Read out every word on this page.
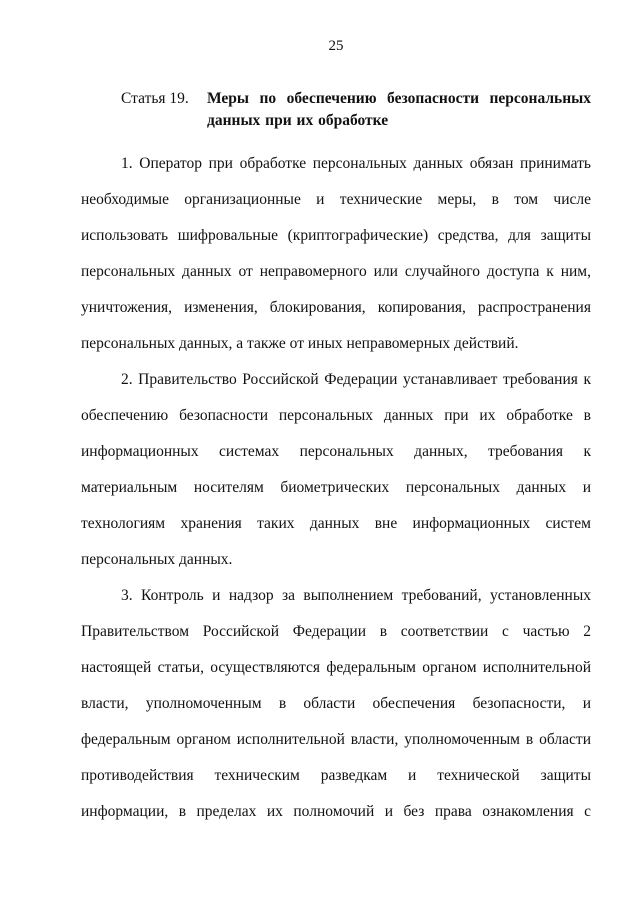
25
Статья 19. Меры по обеспечению безопасности персональных данных при их обработке

1. Оператор при обработке персональных данных обязан принимать необходимые организационные и технические меры, в том числе использовать шифровальные (криптографические) средства, для защиты персональных данных от неправомерного или случайного доступа к ним, уничтожения, изменения, блокирования, копирования, распространения персональных данных, а также от иных неправомерных действий.

2. Правительство Российской Федерации устанавливает требования к обеспечению безопасности персональных данных при их обработке в информационных системах персональных данных, требования к материальным носителям биометрических персональных данных и технологиям хранения таких данных вне информационных систем персональных данных.

3. Контроль и надзор за выполнением требований, установленных Правительством Российской Федерации в соответствии с частью 2 настоящей статьи, осуществляются федеральным органом исполнительной власти, уполномоченным в области обеспечения безопасности, и федеральным органом исполнительной власти, уполномоченным в области противодействия техническим разведкам и технической защиты информации, в пределах их полномочий и без права ознакомления с
